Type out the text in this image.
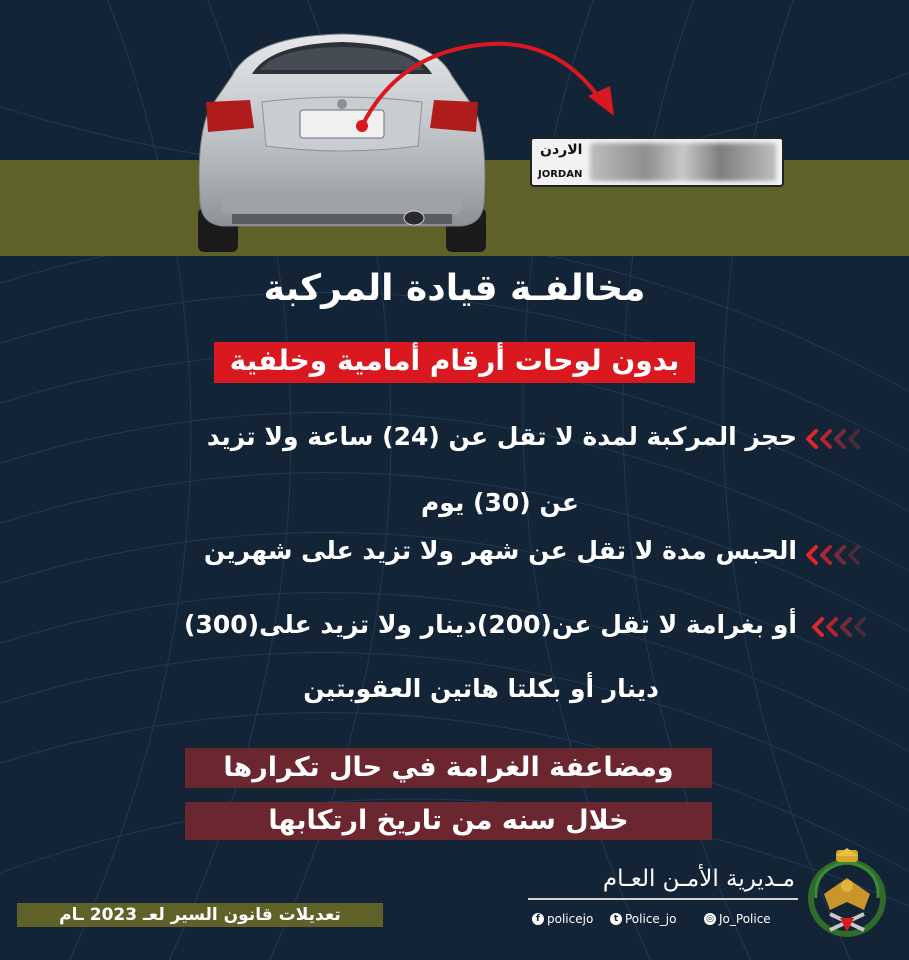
الاردن
JORDAN
مخالفـة قيادة المركبة
بدون لوحات أرقام أمامية وخلفية
حجز المركبة لمدة لا تقل عن (24) ساعة ولا تزيد
عن (30) يوم
الحبس مدة لا تقل عن شهر ولا تزيد على شهرين
أو بغرامة لا تقل عن(200)دينار ولا تزيد على(300)
دينار أو بكلتا هاتين العقوبتين
ومضاعفة الغرامة في حال تكرارها
خلال سنه من تاريخ ارتكابها
مـديرية الأمـن العـام
f policejo	t Police_jo	◎ Jo_Police
تعديلات قانون السير لعـ 2023 ـام
